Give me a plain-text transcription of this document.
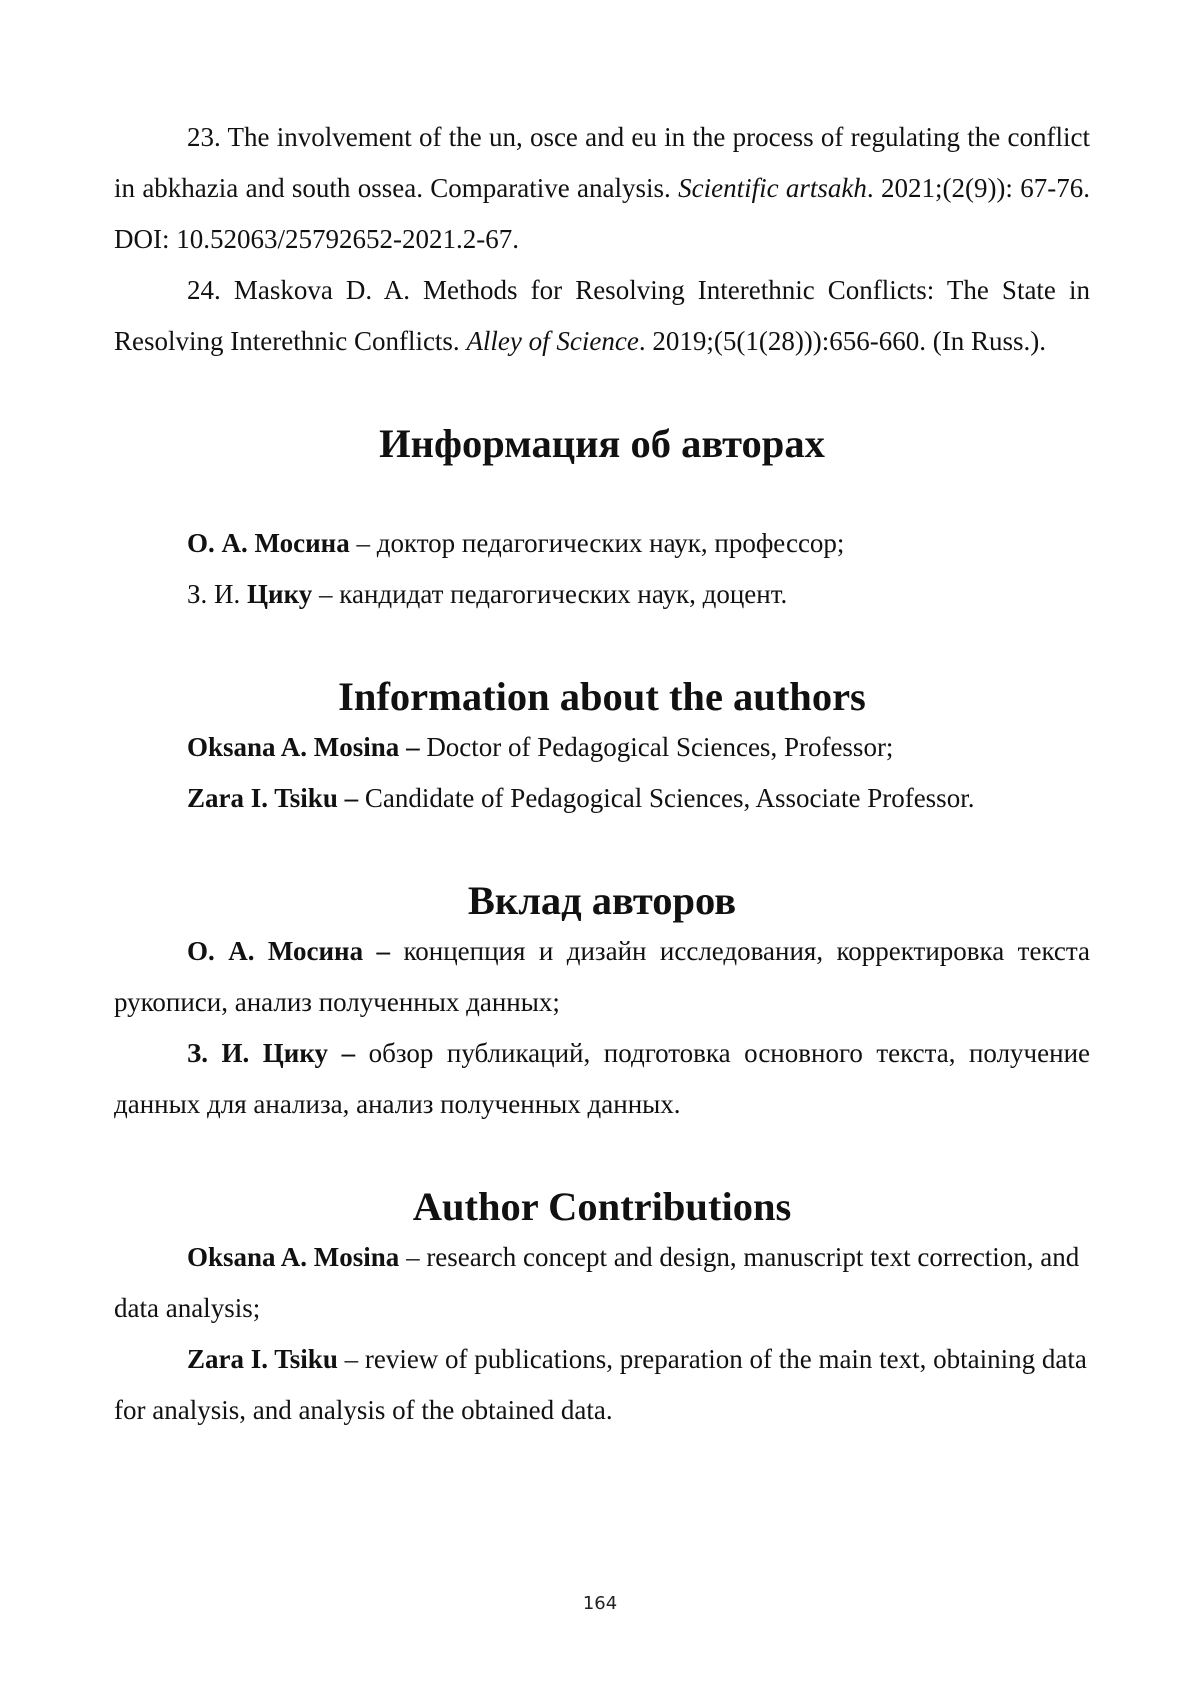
23. The involvement of the un, osce and eu in the process of regulating the conflict in abkhazia and south ossea. Comparative analysis. Scientific artsakh. 2021;(2(9)): 67-76. DOI: 10.52063/25792652-2021.2-67.

24. Maskova D. A. Methods for Resolving Interethnic Conflicts: The State in Resolving Interethnic Conflicts. Alley of Science. 2019;(5(1(28))):656-660. (In Russ.).

Информация об авторах

О. А. Мосина – доктор педагогических наук, профессор;

З. И. Цику – кандидат педагогических наук, доцент.

Information about the authors

Oksana A. Mosina – Doctor of Pedagogical Sciences, Professor;

Zara I. Tsiku – Candidate of Pedagogical Sciences, Associate Professor.

Вклад авторов

О. А. Мосина – концепция и дизайн исследования, корректировка текста рукописи, анализ полученных данных;

З. И. Цику – обзор публикаций, подготовка основного текста, получение данных для анализа, анализ полученных данных.

Author Contributions

Oksana A. Mosina – research concept and design, manuscript text correction, and data analysis;

Zara I. Tsiku – review of publications, preparation of the main text, obtaining data for analysis, and analysis of the obtained data.

164
